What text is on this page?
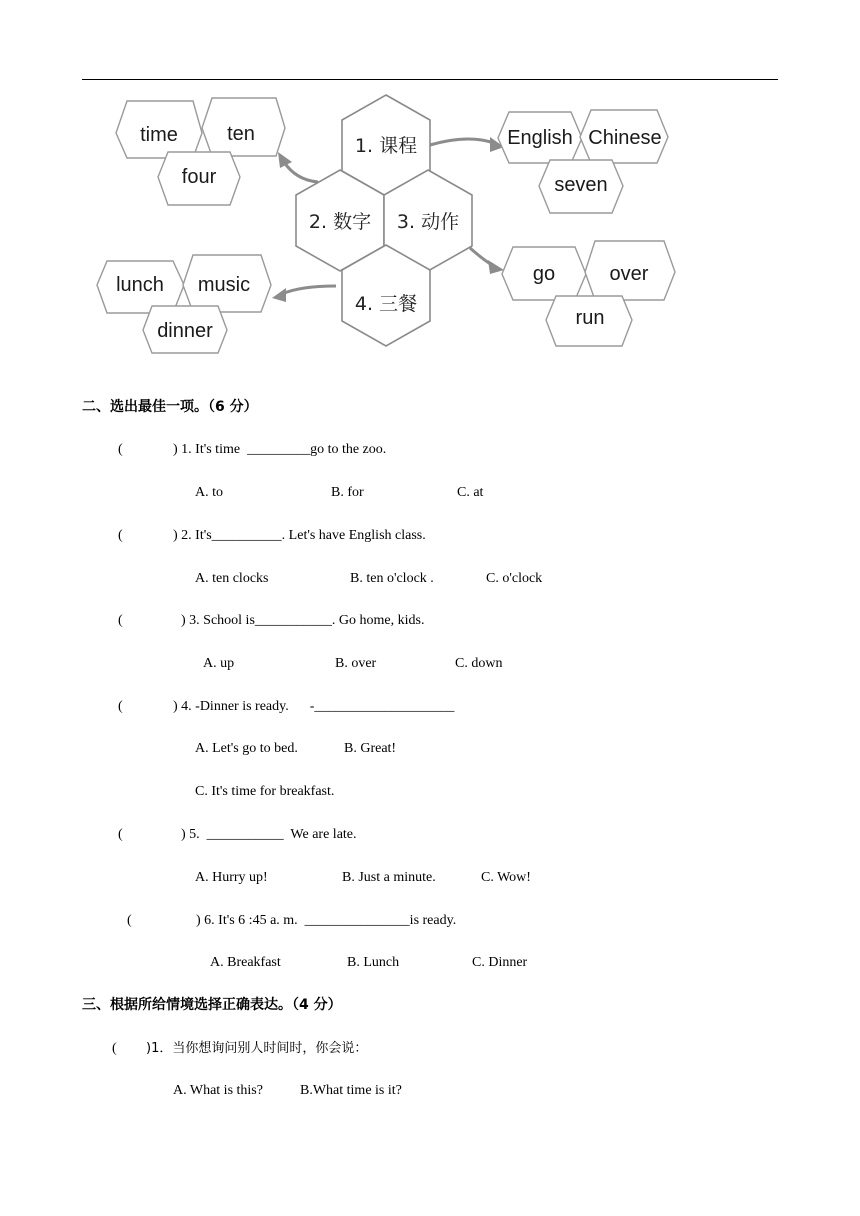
1. 课程
2. 数字 3. 动作
4. 三餐
time ten
four
English Chinese
seven
go	over
run
lunch music
dinner
二、选出最佳一项。（6 分）
(	) 1. It's time  _________go to the zoo.
A. to	B. for	C. at
(	) 2. It's__________. Let's have English class.
A. ten clocks	B. ten o'clock .	C. o'clock
(	) 3. School is___________. Go home, kids.
A. up	B. over	C. down
(	) 4. -Dinner is ready.      -____________________
A. Let's go to bed.	B. Great!
C. It's time for breakfast.
(	) 5.  ___________  We are late.
A. Hurry up!	B. Just a minute.	C. Wow!
(	) 6. It's 6 :45 a. m.  _______________is ready.
A. Breakfast	B. Lunch	C. Dinner
三、根据所给情境选择正确表达。（4 分）
( )1．当你想询问别人时间时，你会说：
A. What is this?	B.What time is it?
